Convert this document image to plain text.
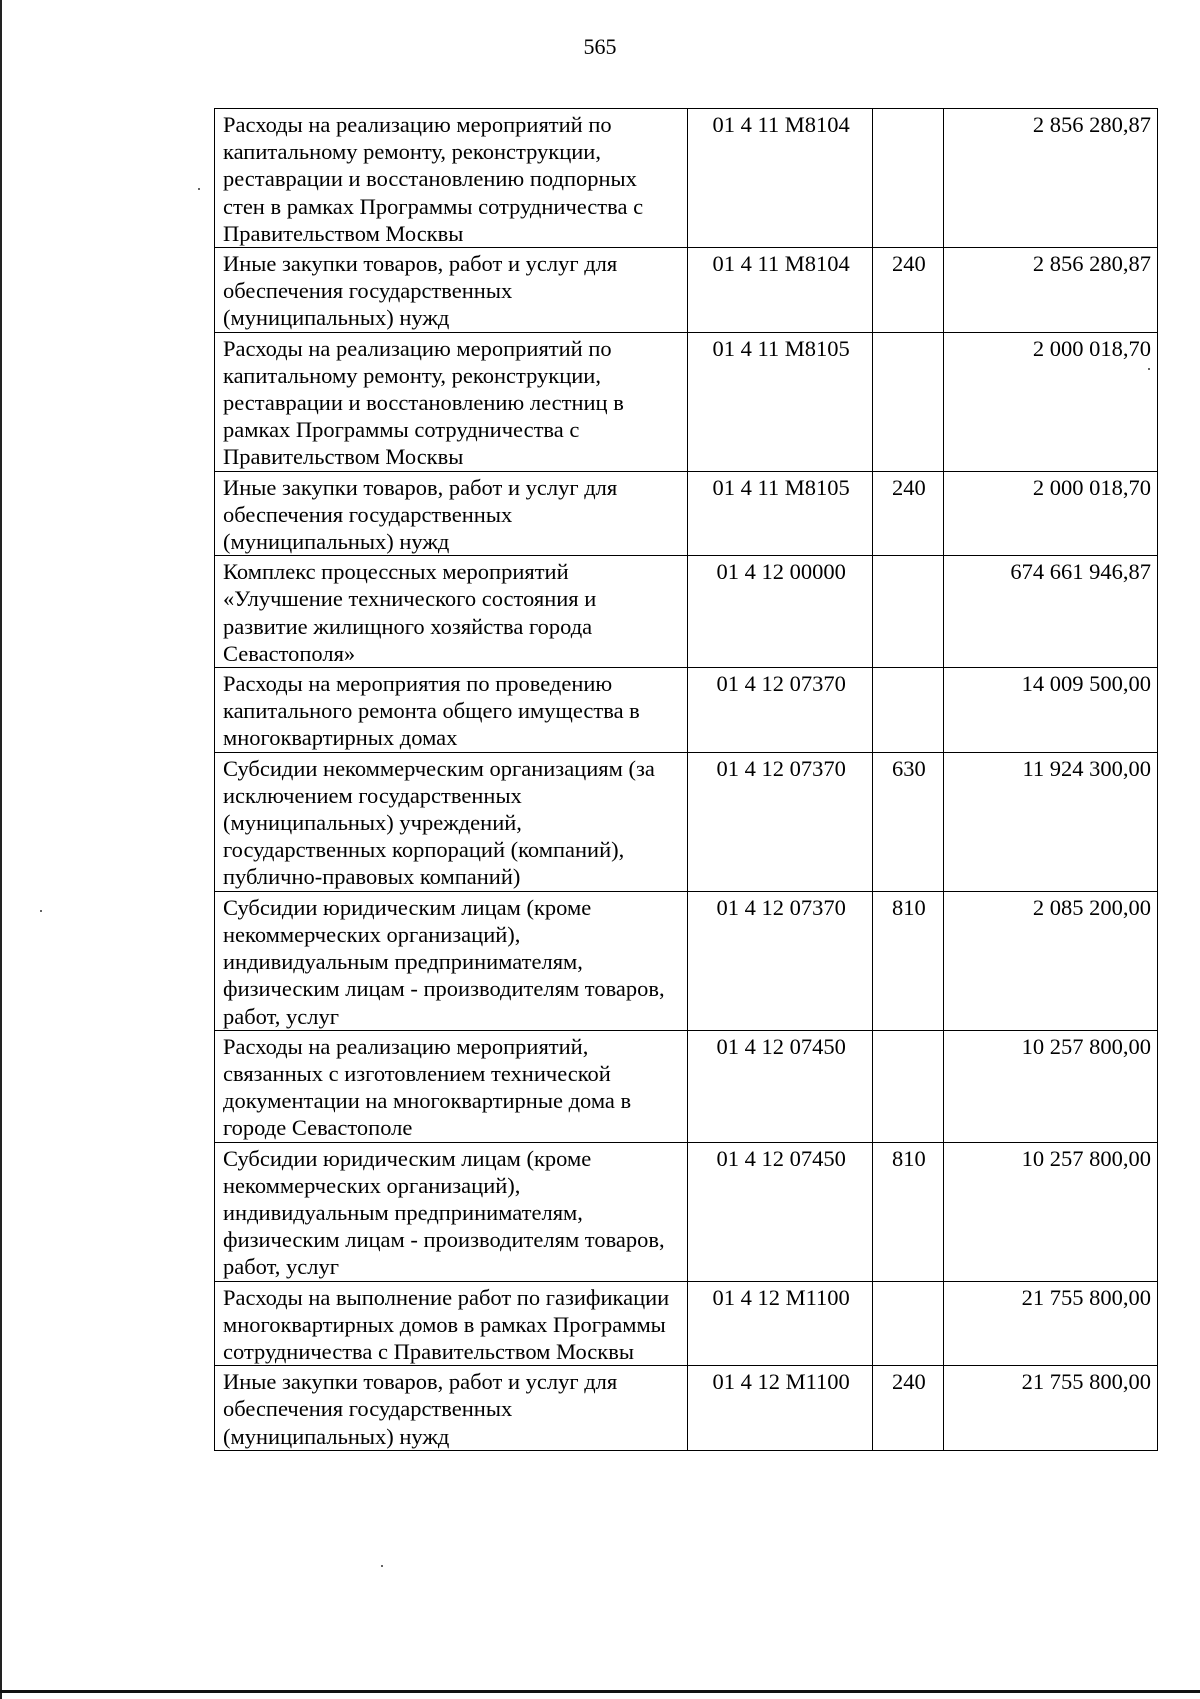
565
Расходы на реализацию мероприятий по капитальному ремонту, реконструкции, реставрации и восстановлению подпорных стен в рамках Программы сотрудничества с Правительством Москвы	01 4 11 М8104		2 856 280,87
Иные закупки товаров, работ и услуг для обеспечения государственных (муниципальных) нужд	01 4 11 М8104	240	2 856 280,87
Расходы на реализацию мероприятий по капитальному ремонту, реконструкции, реставрации и восстановлению лестниц в рамках Программы сотрудничества с Правительством Москвы	01 4 11 М8105		2 000 018,70
Иные закупки товаров, работ и услуг для обеспечения государственных (муниципальных) нужд	01 4 11 М8105	240	2 000 018,70
Комплекс процессных мероприятий «Улучшение технического состояния и развитие жилищного хозяйства города Севастополя»	01 4 12 00000		674 661 946,87
Расходы на мероприятия по проведению капитального ремонта общего имущества в многоквартирных домах	01 4 12 07370		14 009 500,00
Субсидии некоммерческим организациям (за исключением государственных (муниципальных) учреждений, государственных корпораций (компаний), публично-правовых компаний)	01 4 12 07370	630	11 924 300,00
Субсидии юридическим лицам (кроме некоммерческих организаций), индивидуальным предпринимателям, физическим лицам - производителям товаров, работ, услуг	01 4 12 07370	810	2 085 200,00
Расходы на реализацию мероприятий, связанных с изготовлением технической документации на многоквартирные дома в городе Севастополе	01 4 12 07450		10 257 800,00
Субсидии юридическим лицам (кроме некоммерческих организаций), индивидуальным предпринимателям, физическим лицам - производителям товаров, работ, услуг	01 4 12 07450	810	10 257 800,00
Расходы на выполнение работ по газификации многоквартирных домов в рамках Программы сотрудничества с Правительством Москвы	01 4 12 М1100		21 755 800,00
Иные закупки товаров, работ и услуг для обеспечения государственных (муниципальных) нужд	01 4 12 М1100	240	21 755 800,00
